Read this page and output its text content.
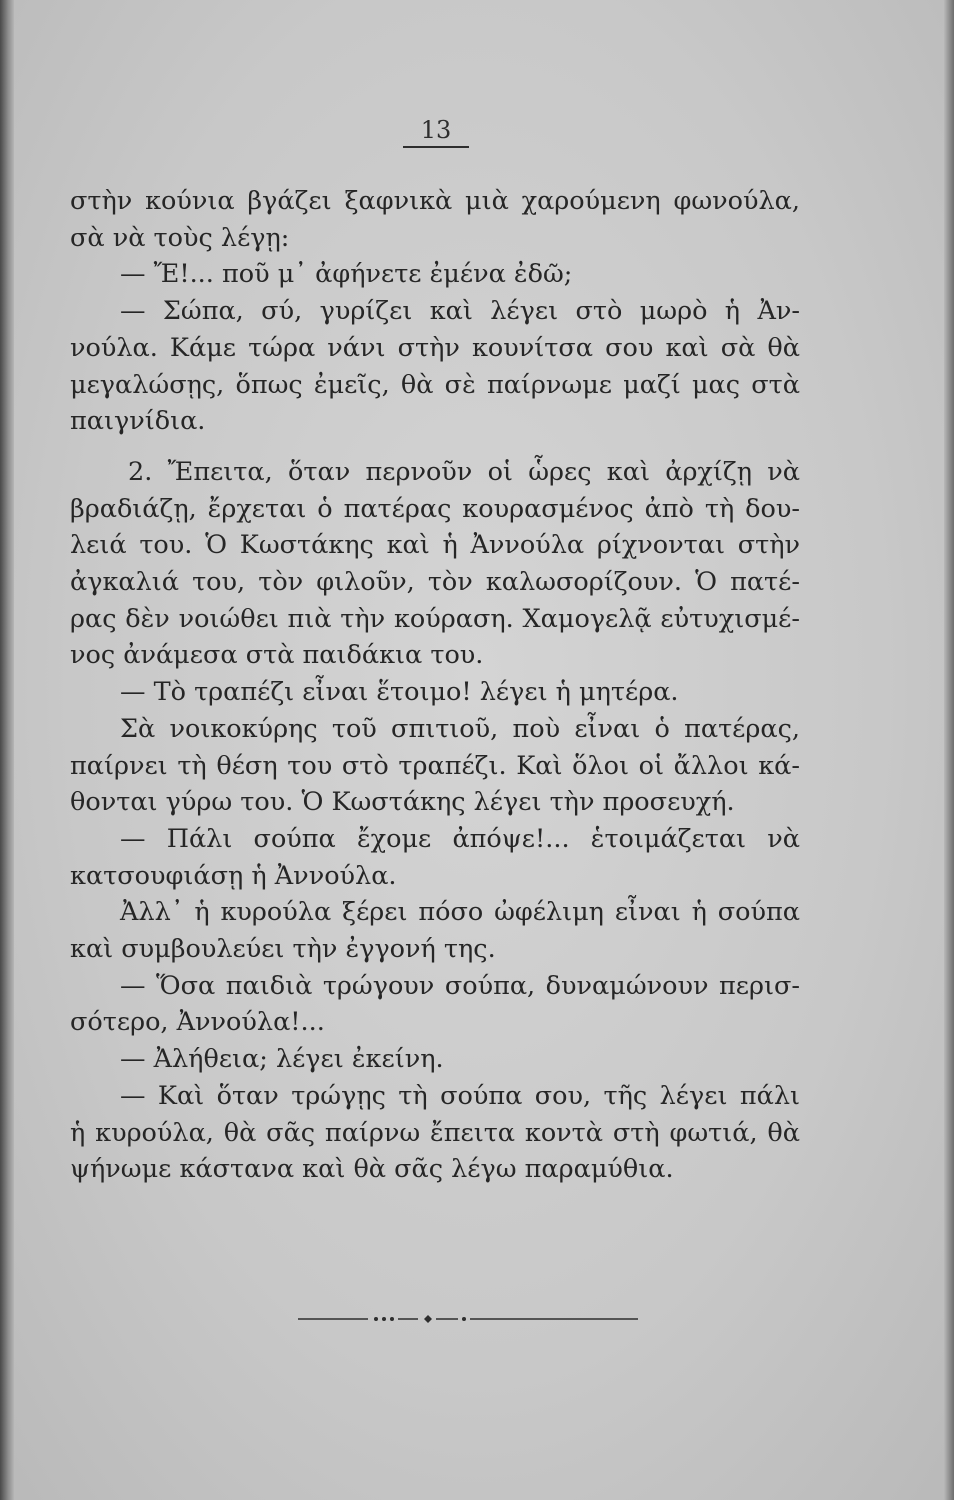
13
στὴν κούνια βγάζει ξαφνικὰ μιὰ χαρούμενη φωνούλα,
σὰ νὰ τοὺς λέγῃ:
— Ἔ!... ποῦ μ᾿ ἀφήνετε ἐμένα ἐδῶ;
— Σώπα, σύ, γυρίζει καὶ λέγει στὸ μωρὸ ἡ Ἀν-
νούλα. Κάμε τώρα νάνι στὴν κουνίτσα σου καὶ σὰ θὰ
μεγαλώσῃς, ὅπως ἐμεῖς, θὰ σὲ παίρνωμε μαζί μας στὰ
παιγνίδια.
2. Ἔπειτα, ὅταν περνοῦν οἱ ὧρες καὶ ἀρχίζῃ νὰ
βραδιάζῃ, ἔρχεται ὁ πατέρας κουρασμένος ἀπὸ τὴ δου-
λειά του. Ὁ Κωστάκης καὶ ἡ Ἀννούλα ρίχνονται στὴν
ἀγκαλιά του, τὸν φιλοῦν, τὸν καλωσορίζουν. Ὁ πατέ-
ρας δὲν νοιώθει πιὰ τὴν κούραση. Χαμογελᾷ εὐτυχισμέ-
νος ἀνάμεσα στὰ παιδάκια του.
— Τὸ τραπέζι εἶναι ἕτοιμο! λέγει ἡ μητέρα.
Σὰ νοικοκύρης τοῦ σπιτιοῦ, ποὺ εἶναι ὁ πατέρας,
παίρνει τὴ θέση του στὸ τραπέζι. Καὶ ὅλοι οἱ ἄλλοι κά-
θονται γύρω του. Ὁ Κωστάκης λέγει τὴν προσευχή.
— Πάλι σούπα ἔχομε ἀπόψε!... ἑτοιμάζεται νὰ
κατσουφιάσῃ ἡ Ἀννούλα.
Ἀλλ᾿ ἡ κυρούλα ξέρει πόσο ὠφέλιμη εἶναι ἡ σούπα
καὶ συμβουλεύει τὴν ἐγγονή της.
— Ὅσα παιδιὰ τρώγουν σούπα, δυναμώνουν περισ-
σότερο, Ἀννούλα!...
— Ἀλήθεια; λέγει ἐκείνη.
— Καὶ ὅταν τρώγῃς τὴ σούπα σου, τῆς λέγει πάλι
ἡ κυρούλα, θὰ σᾶς παίρνω ἔπειτα κοντὰ στὴ φωτιά, θὰ
ψήνωμε κάστανα καὶ θὰ σᾶς λέγω παραμύθια.
